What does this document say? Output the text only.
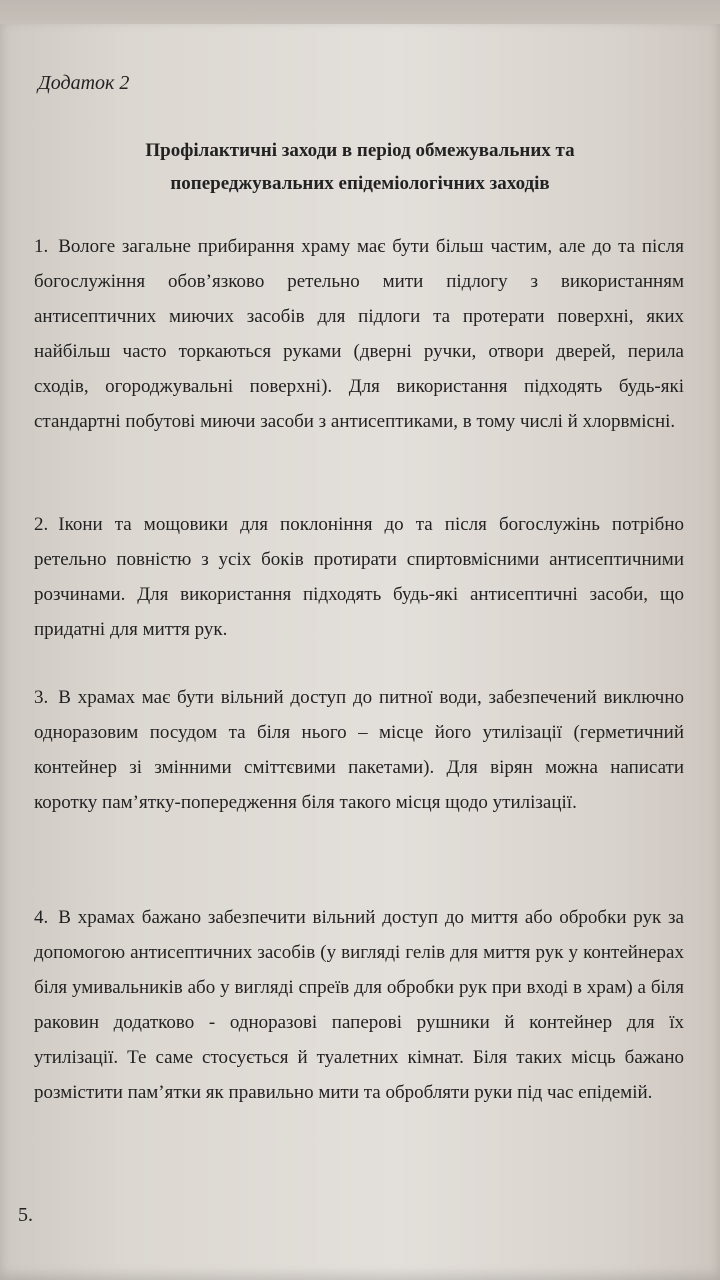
Додаток 2
Профілактичні заходи в період обмежувальних та
попереджувальних епідеміологічних заходів
1. Вологе загальне прибирання храму має бути більш частим, але до та після богослужіння обов’язково ретельно мити підлогу з використанням антисептичних миючих засобів для підлоги та протерати поверхні, яких найбільш часто торкаються руками (дверні ручки, отвори дверей, перила сходів, огороджувальні поверхні). Для використання підходять будь-які стандартні побутові миючи засоби з антисептиками, в тому числі й хлорвмісні.
2. Ікони та мощовики для поклоніння до та після богослужінь потрібно ретельно повністю з усіх боків протирати спиртовмісними антисептичними розчинами. Для використання підходять будь-які антисептичні засоби, що придатні для миття рук.
3. В храмах має бути вільний доступ до питної води, забезпечений виключно одноразовим посудом та біля нього – місце його утилізації (герметичний контейнер зі змінними сміттєвими пакетами). Для вірян можна написати коротку пам’ятку-попередження біля такого місця щодо утилізації.
4. В храмах бажано забезпечити вільний доступ до миття або обробки рук за допомогою антисептичних засобів (у вигляді гелів для миття рук у контейнерах біля умивальників або у вигляді спреїв для обробки рук при вході в храм) а біля раковин додатково - одноразові паперові рушники й контейнер для їх утилізації. Те саме стосується й туалетних кімнат. Біля таких місць бажано розмістити пам’ятки як правильно мити та обробляти руки під час епідемій.
5.
